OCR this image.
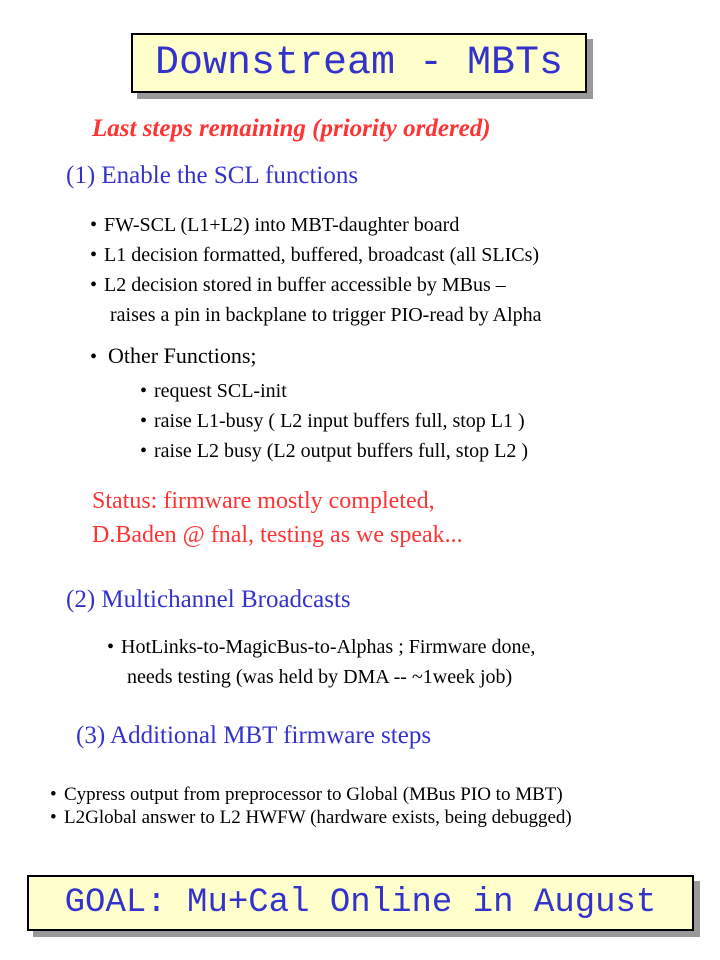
Downstream - MBTs
Last steps remaining (priority ordered)
(1) Enable the SCL functions
• FW-SCL (L1+L2) into MBT-daughter board
• L1 decision formatted, buffered, broadcast (all SLICs)
• L2 decision stored in buffer accessible by MBus –
raises a pin in backplane to trigger PIO-read by Alpha
• Other Functions;
• request SCL-init
• raise L1-busy ( L2 input buffers full, stop L1 )
• raise L2 busy (L2 output buffers full, stop L2 )
Status: firmware mostly completed,
D.Baden @ fnal, testing as we speak...
(2) Multichannel Broadcasts
• HotLinks-to-MagicBus-to-Alphas ; Firmware done,
needs testing (was held by DMA -- ~1week job)
(3) Additional MBT firmware steps
• Cypress output from preprocessor to Global (MBus PIO to MBT)
• L2Global answer to L2 HWFW (hardware exists, being debugged)
GOAL: Mu+Cal Online in August
